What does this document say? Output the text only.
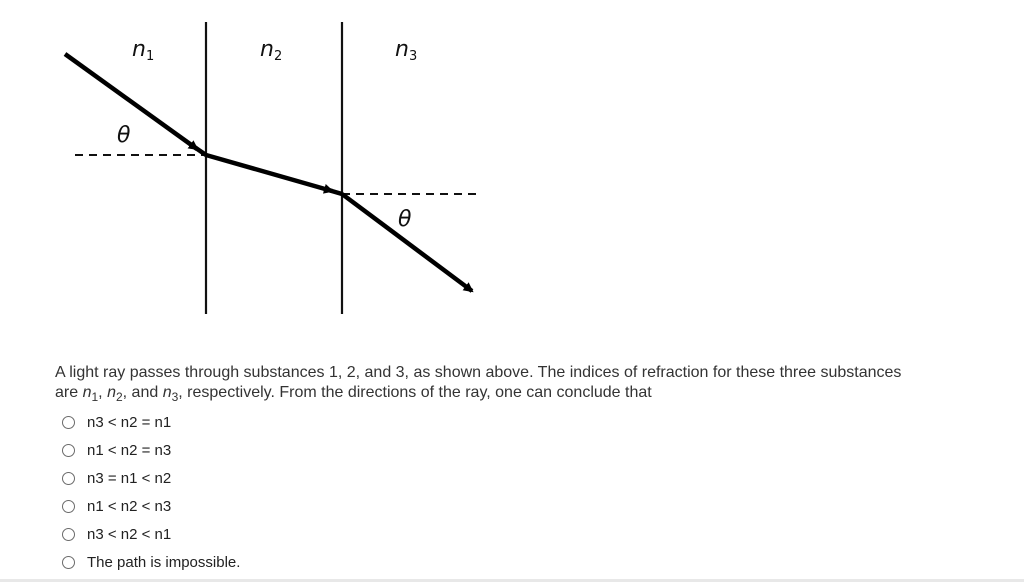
n1	n2	n3
θ
θ
A light ray passes through substances 1, 2, and 3, as shown above. The indices of refraction for these three substances
are $n_1$, $n_2$, and $n_3$, respectively. From the directions of the ray, one can conclude that
n3 < n2 = n1
n1 < n2 = n3
n3 = n1 < n2
n1 < n2 < n3
n3 < n2 < n1
The path is impossible.
